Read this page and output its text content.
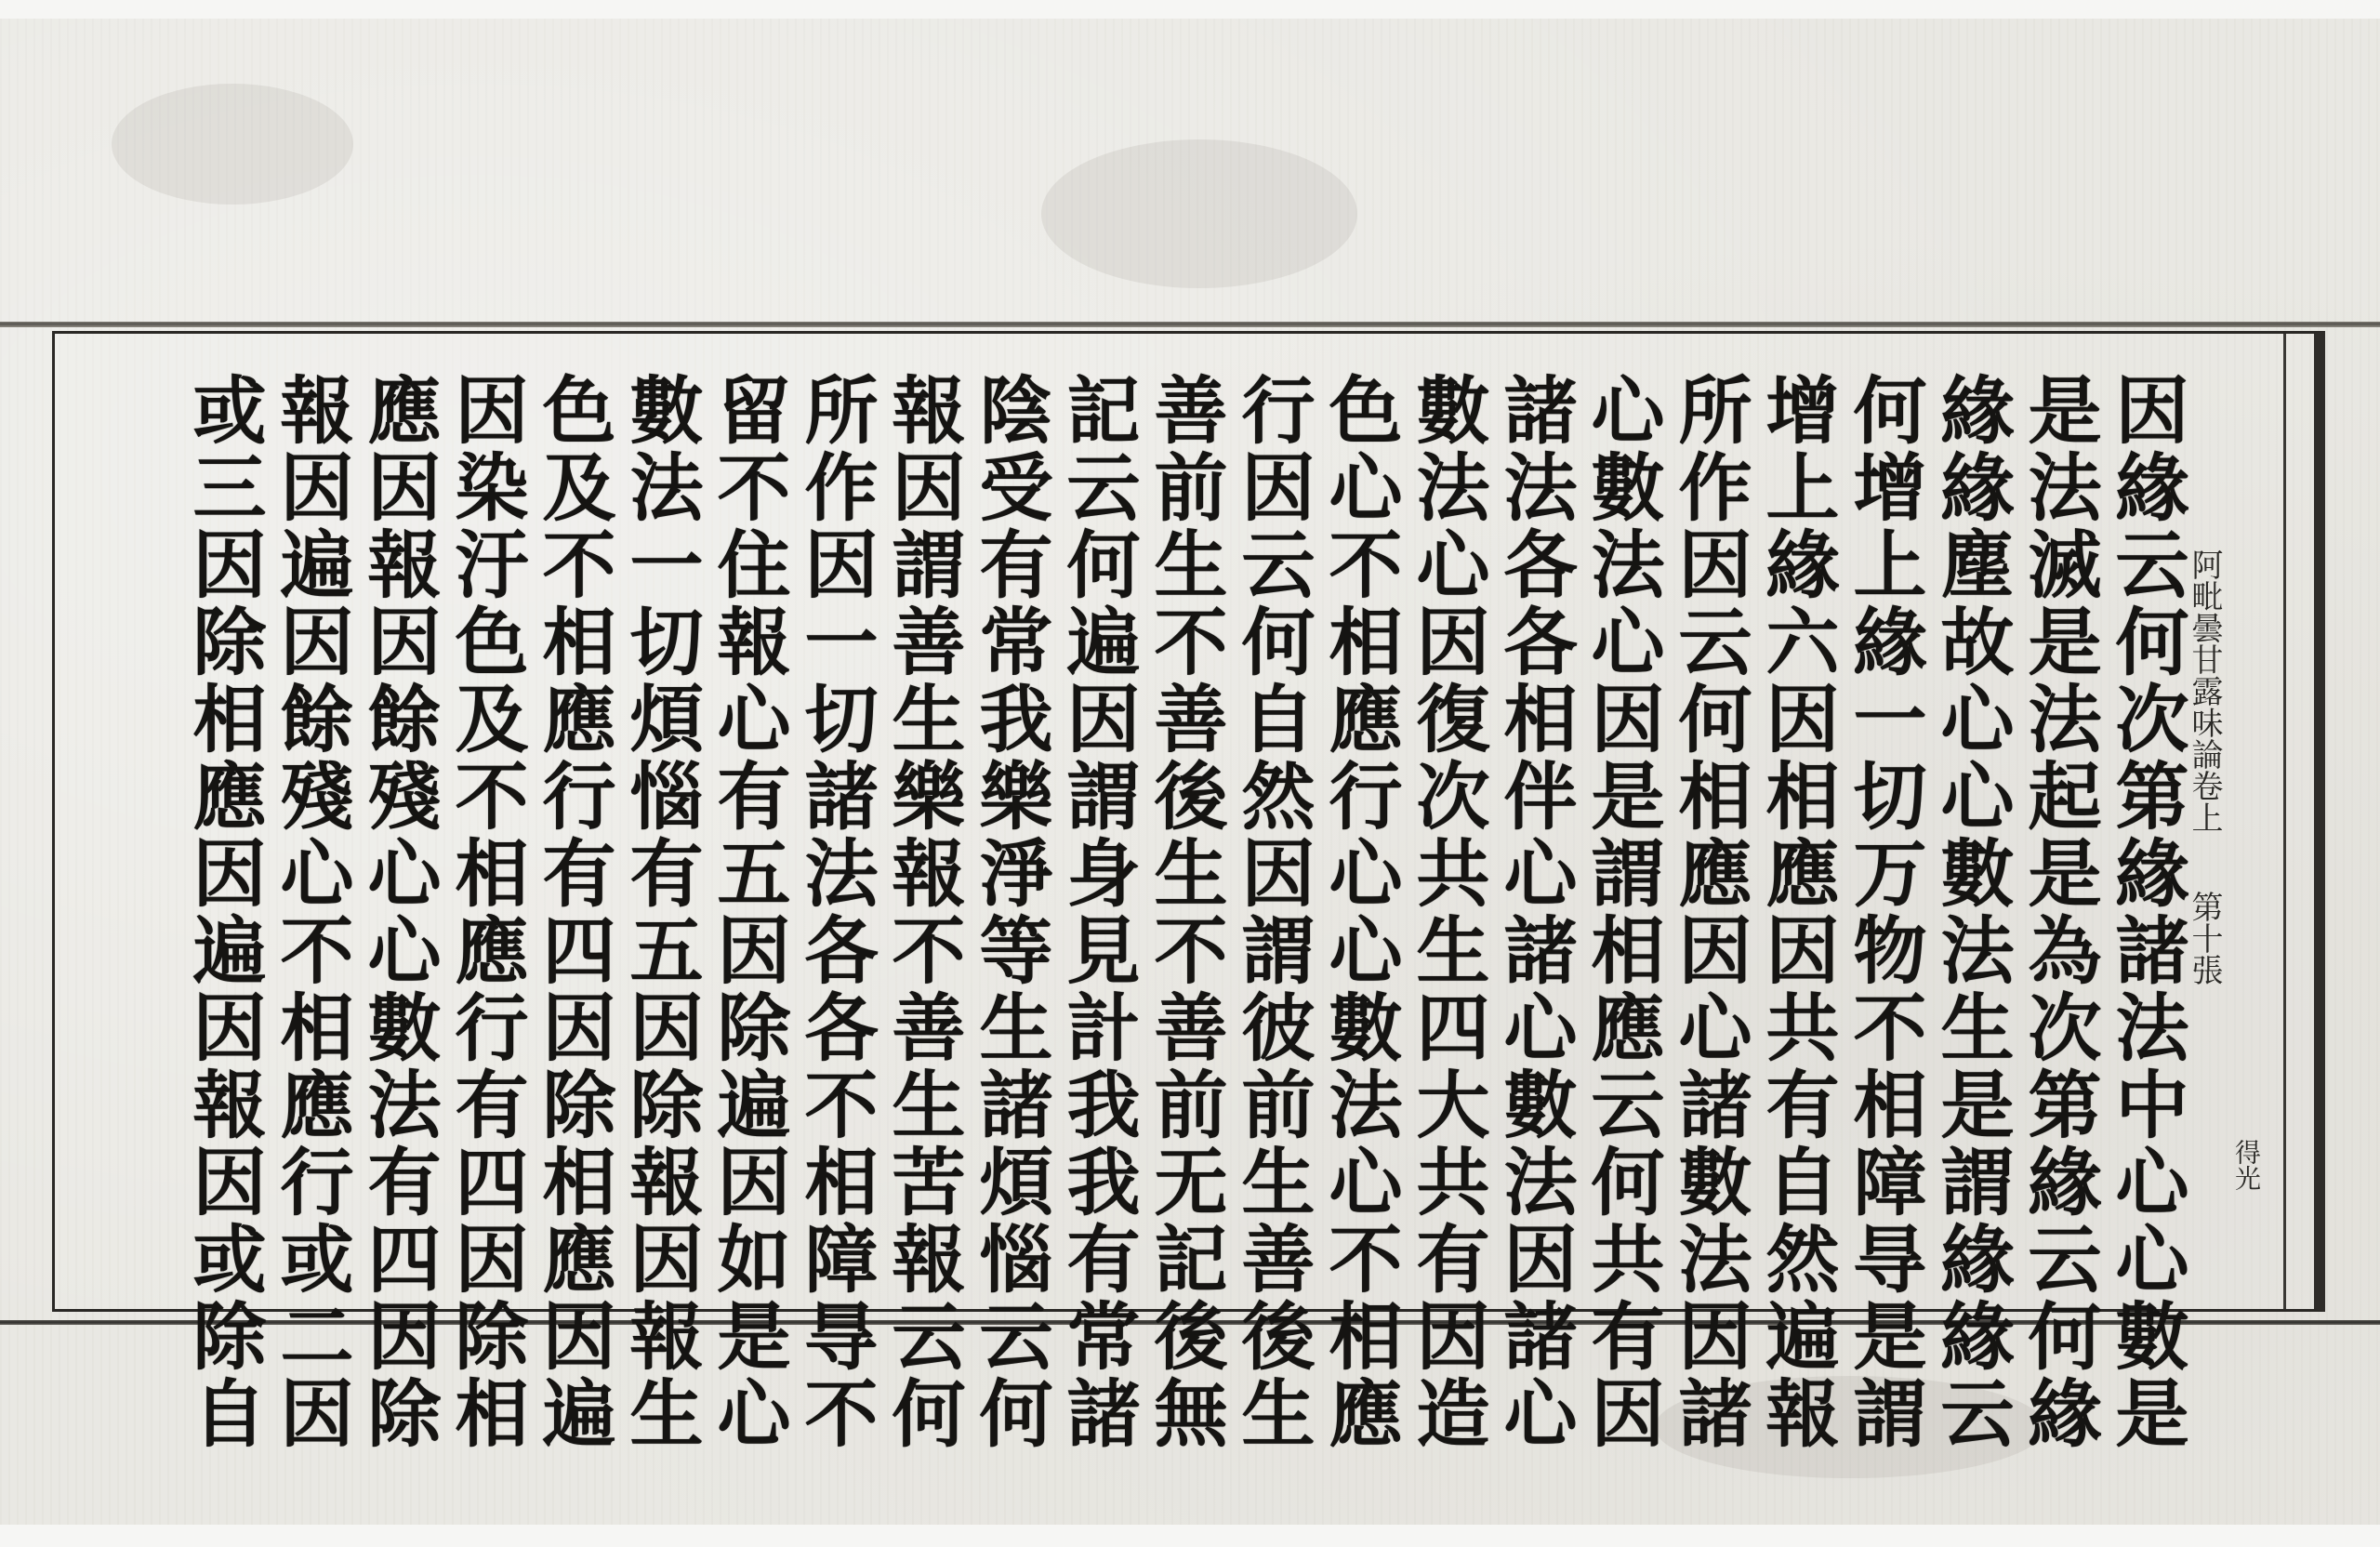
阿毗曇甘露味論卷上
第十張
得光
因緣云何次第緣諸法中心心數是
是法滅是法起是為次第緣云何緣
緣緣塵故心心數法生是謂緣緣云
何增上緣一切万物不相障㝵是謂
增上緣六因相應因共有自然遍報
所作因云何相應因心諸數法因諸
心數法心因是謂相應云何共有因
諸法各各相伴心諸心數法因諸心
數法心因復次共生四大共有因造
色心不相應行心心數法心不相應
行因云何自然因謂彼前生善後生
善前生不善後生不善前无記後無
記云何遍因謂身見計我我有常諸
陰受有常我樂淨等生諸煩惱云何
報因謂善生樂報不善生苦報云何
所作因一切諸法各各不相障㝵不
留不住報心有五因除遍因如是心
數法一切煩惱有五因除報因報生
色及不相應行有四因除相應因遍
因染汙色及不相應行有四因除相
應因報因餘殘心心數法有四因除
報因遍因餘殘心不相應行或二因
或三因除相應因遍因報因或除自
